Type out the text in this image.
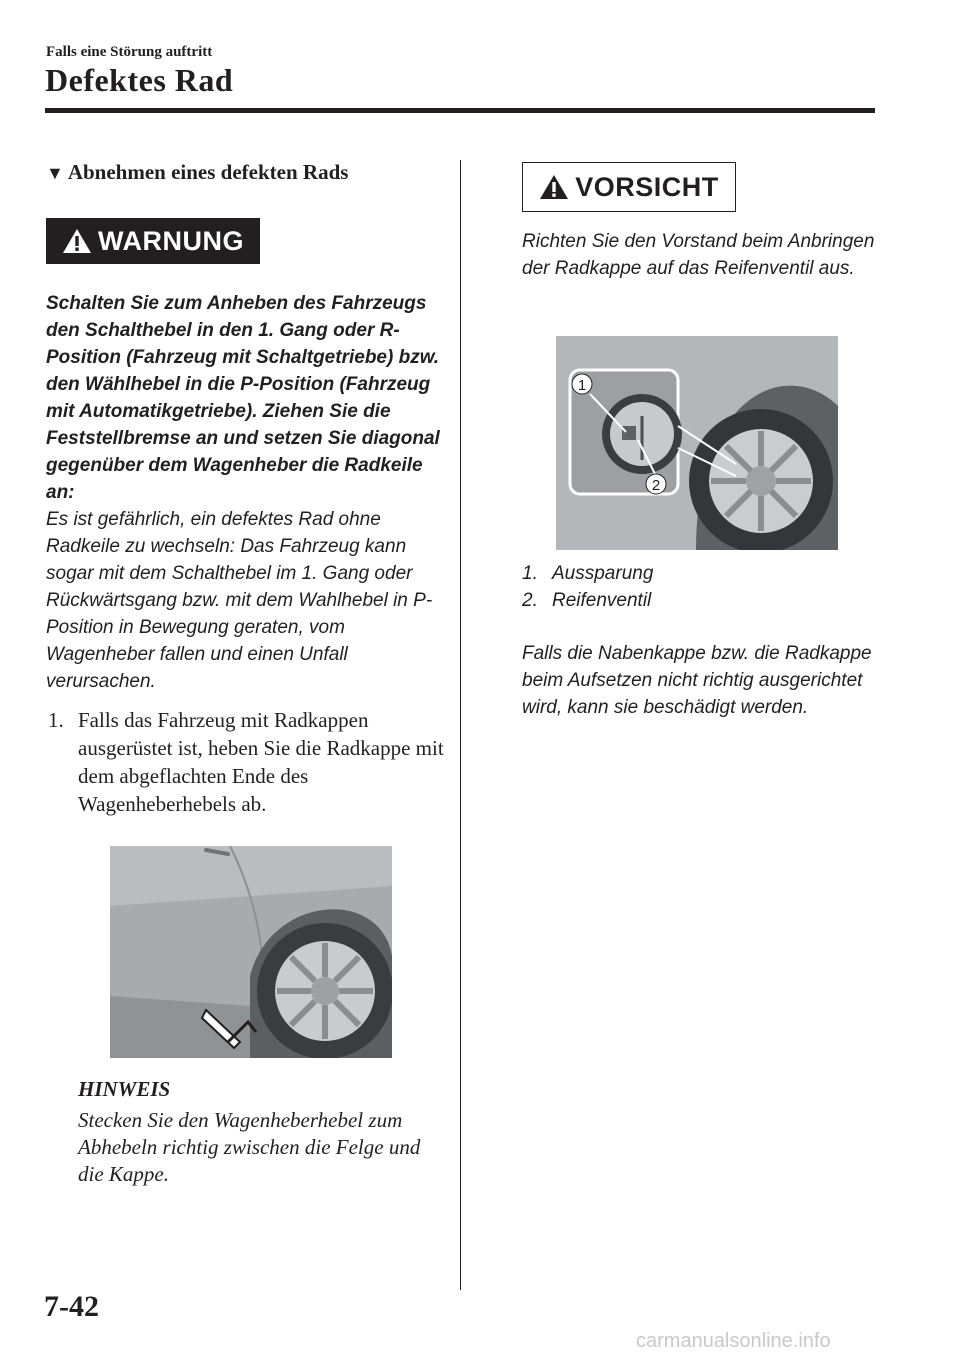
Falls eine Störung auftritt
Defektes Rad
▼ Abnehmen eines defekten Rads
WARNUNG
Schalten Sie zum Anheben des Fahrzeugs den Schalthebel in den 1. Gang oder R-Position (Fahrzeug mit Schaltgetriebe) bzw. den Wählhebel in die P-Position (Fahrzeug mit Automatikgetriebe). Ziehen Sie die Feststellbremse an und setzen Sie diagonal gegenüber dem Wagenheber die Radkeile an:
Es ist gefährlich, ein defektes Rad ohne Radkeile zu wechseln: Das Fahrzeug kann sogar mit dem Schalthebel im 1. Gang oder Rückwärtsgang bzw. mit dem Wahlhebel in P-Position in Bewegung geraten, vom Wagenheber fallen und einen Unfall verursachen.
1. Falls das Fahrzeug mit Radkappen ausgerüstet ist, heben Sie die Radkappe mit dem abgeflachten Ende des Wagenheberhebels ab.
HINWEIS
Stecken Sie den Wagenheberhebel zum Abhebeln richtig zwischen die Felge und die Kappe.
VORSICHT
Richten Sie den Vorstand beim Anbringen der Radkappe auf das Reifenventil aus.
1
2
1. Aussparung
2. Reifenventil
Falls die Nabenkappe bzw. die Radkappe beim Aufsetzen nicht richtig ausgerichtet wird, kann sie beschädigt werden.
7-42
carmanualsonline.info
